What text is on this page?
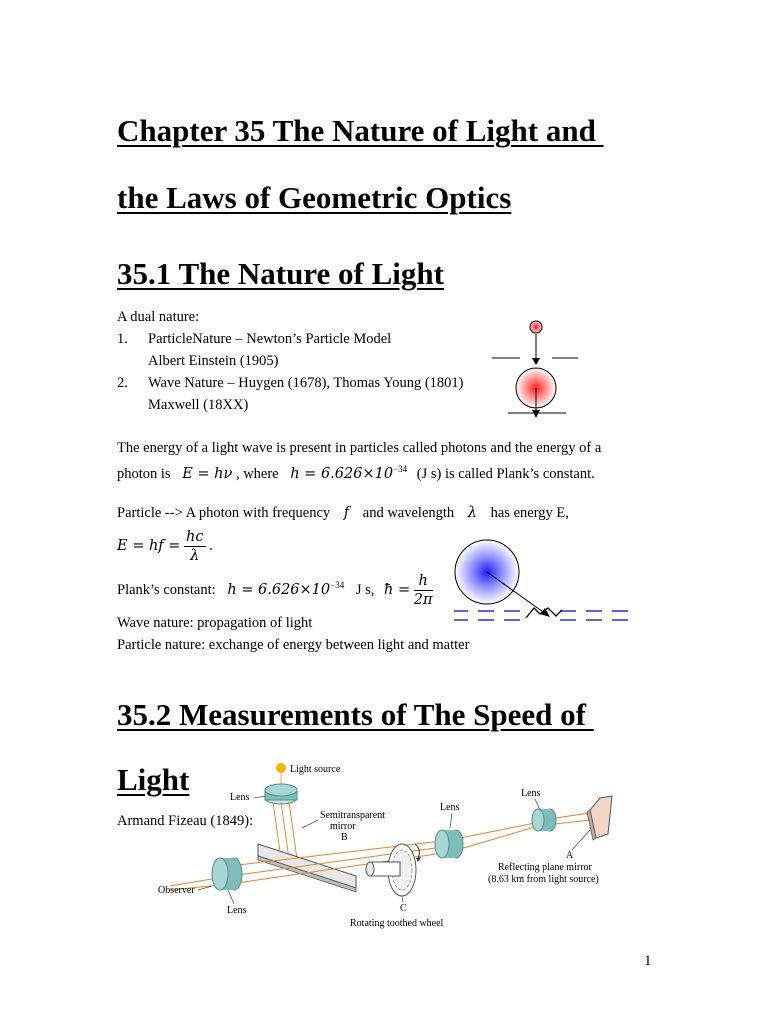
Chapter 35 The Nature of Light and
the Laws of Geometric Optics
35.1 The Nature of Light
A dual nature:
1. ParticleNature – Newton’s Particle Model
Albert Einstein (1905)
2. Wave Nature – Huygen (1678), Thomas Young (1801)
Maxwell (18XX)
The energy of a light wave is present in particles called photons and the energy of a
photon is E = hν , where $h = 6.626\times 10^{-34}$ (J s) is called Plank’s constant.
Particle --> A photon with frequency f and wavelength λ has energy E,
E = hf = $\frac{hc}{\lambda}$ .
Plank’s constant: $h = 6.626\times 10^{-34}$ J s, ħ = $\frac{h}{2\pi}$
Wave nature: propagation of light
Particle nature: exchange of energy between light and matter
35.2 Measurements of The Speed of
Light
Armand Fizeau (1849):
Light source
Lens
Semitransparent
mirror
B
Observer
Lens	C
Rotating toothed wheel
Lens
Lens
A
Reflecting plane mirror
(8.63 km from light source)
1
